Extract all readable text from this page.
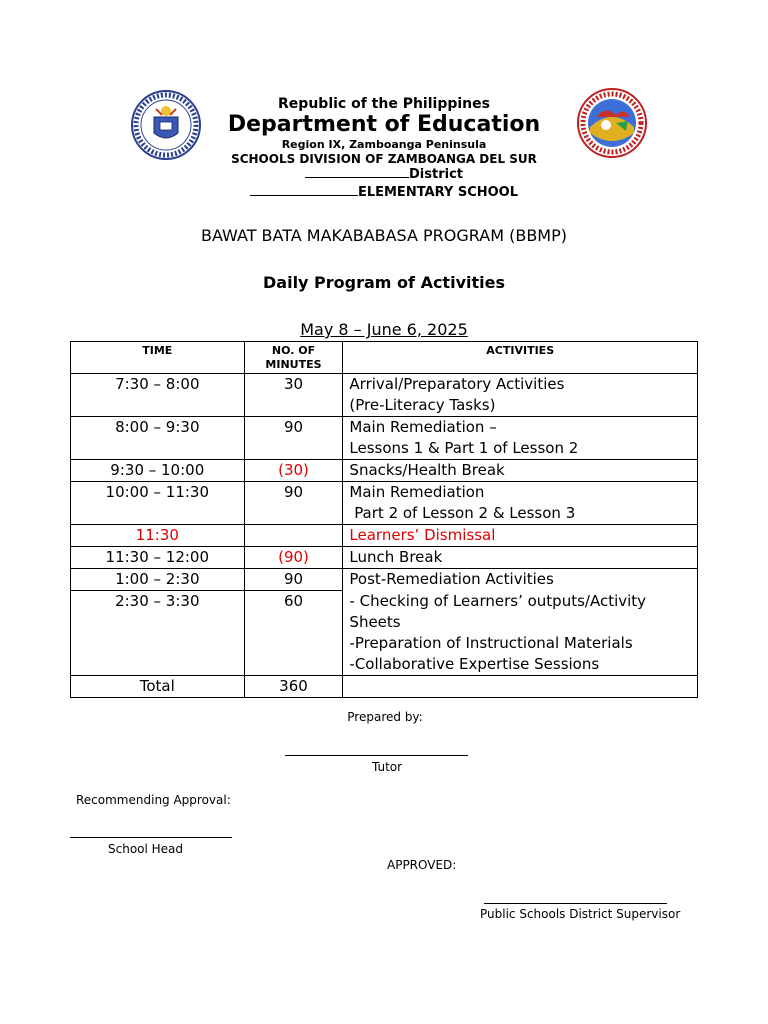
Republic of the Philippines
Department of Education
Region IX, Zamboanga Peninsula
SCHOOLS DIVISION OF ZAMBOANGA DEL SUR
District
ELEMENTARY SCHOOL
BAWAT BATA MAKABABASA PROGRAM (BBMP)
Daily Program of Activities
May 8 – June 6, 2025
TIME	NO. OF MINUTES	ACTIVITIES
7:30 – 8:00	30	Arrival/Preparatory Activities
(Pre-Literacy Tasks)

8:00 – 9:30	90	Main Remediation –
Lessons 1 & Part 1 of Lesson 2

9:30 – 10:00	(30)	Snacks/Health Break
10:00 – 11:30	90	Main Remediation
Part 2 of Lesson 2 & Lesson 3

11:30		Learners’ Dismissal
11:30 – 12:00	(90)	Lunch Break
1:00 – 2:30	90	Post-Remediation Activities
2:30 – 3:30	60	- Checking of Learners’ outputs/Activity Sheets
-Preparation of Instructional Materials
-Collaborative Expertise Sessions

Total	360	
Prepared by:
Tutor
Recommending Approval:
School Head
APPROVED:
Public Schools District Supervisor
